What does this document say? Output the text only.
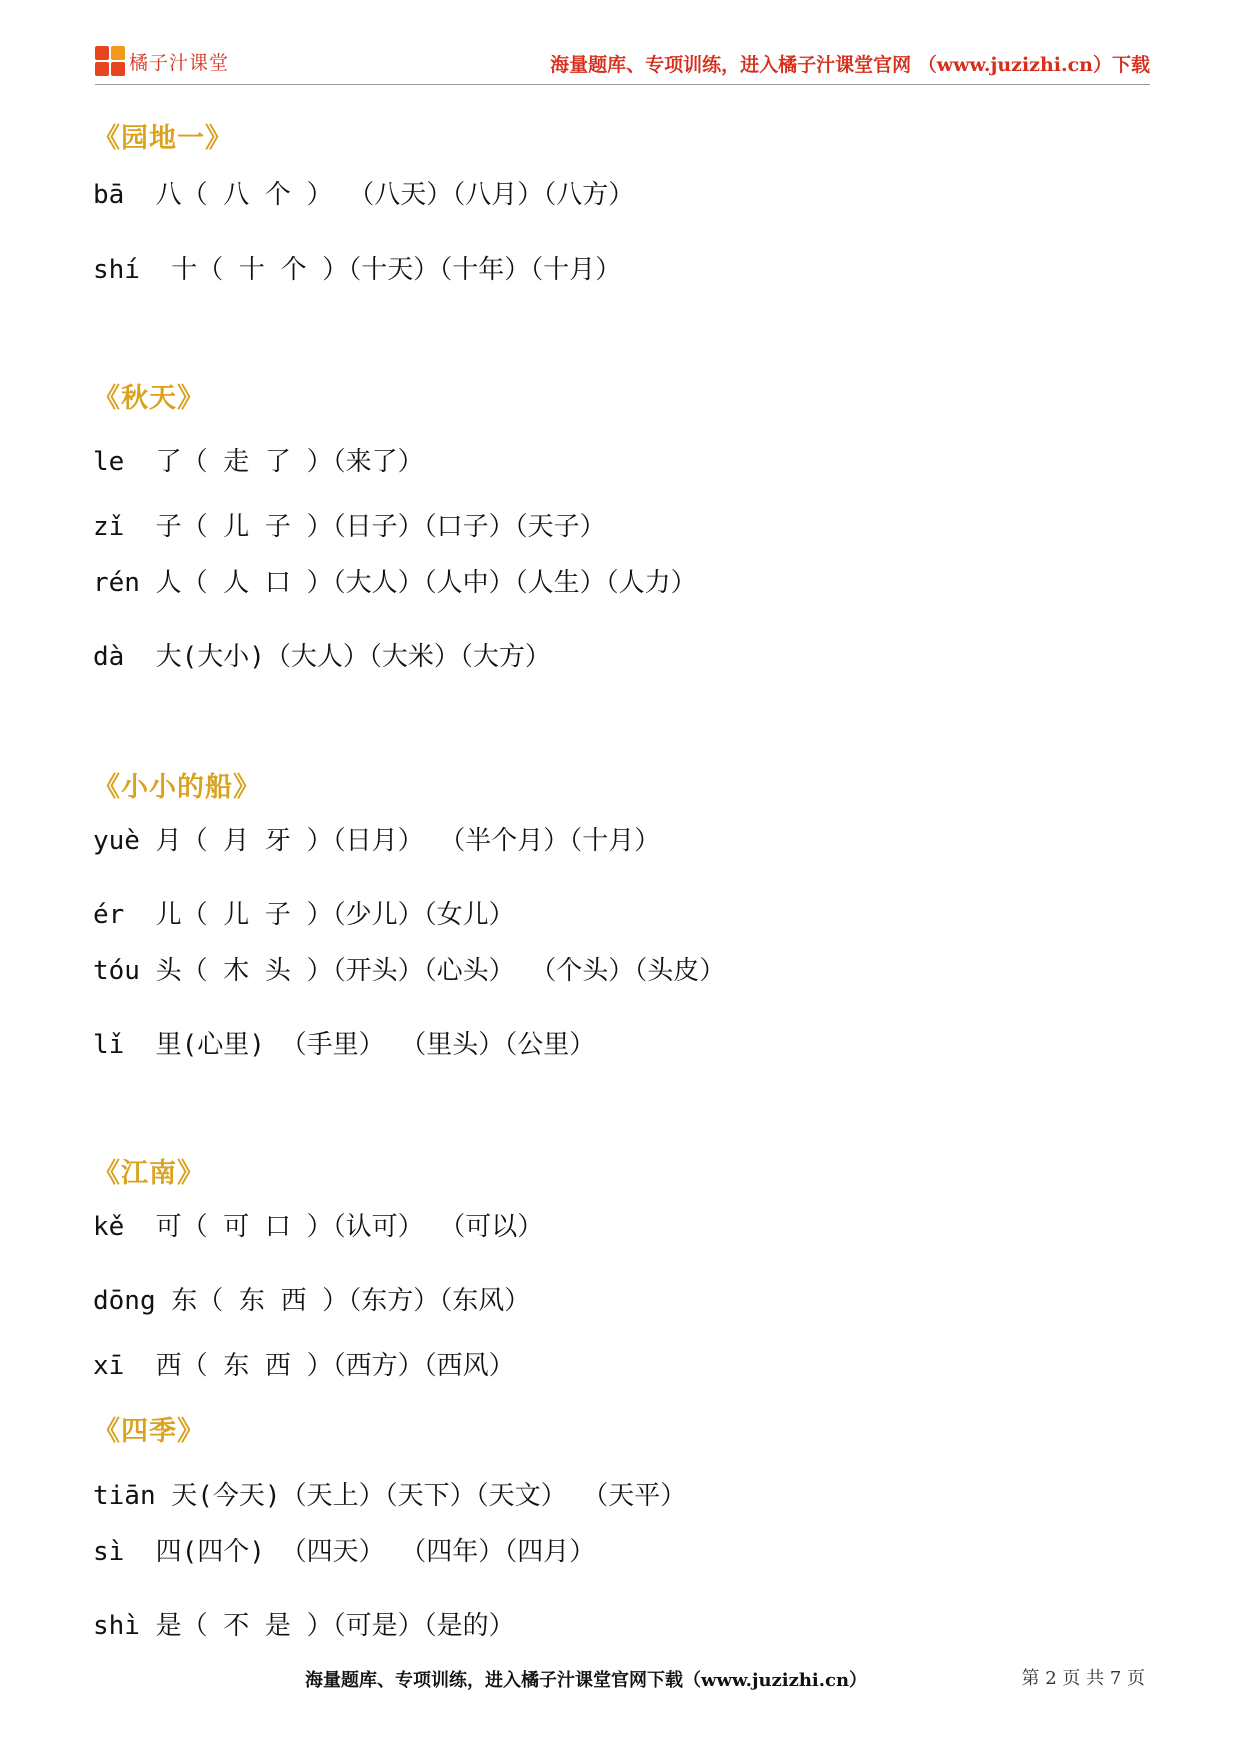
橘子汁课堂	海量题库、专项训练，进入橘子汁课堂官网 （www.juzizhi.cn）下载
《园地一》
bā  八（ 八 个 ） （八天）（八月）（八方）
shí  十（ 十 个 ）（十天）（十年）（十月）
《秋天》
le  了（ 走 了 ）（来了）
zǐ  子（ 儿 子 ）（日子）（口子）（天子）
rén 人（ 人 口 ）（大人）（人中）（人生）（人力）
dà  大(大小)（大人）（大米）（大方）
《小小的船》
yuè 月（ 月 牙 ）（日月） （半个月）（十月）
ér  儿（ 儿 子 ）（少儿）（女儿）
tóu 头（ 木 头 ）（开头）（心头） （个头）（头皮）
lǐ  里(心里) （手里） （里头）（公里）
《江南》
kě  可（ 可 口 ）（认可） （可以）
dōng 东（ 东 西 ）（东方）（东风）
xī  西（ 东 西 ）（西方）（西风）
《四季》
tiān 天(今天)（天上）（天下）（天文） （天平）
sì  四(四个) （四天） （四年）（四月）
shì 是（ 不 是 ）（可是）（是的）
海量题库、专项训练，进入橘子汁课堂官网下载（www.juzizhi.cn）	第 2 页 共 7 页
